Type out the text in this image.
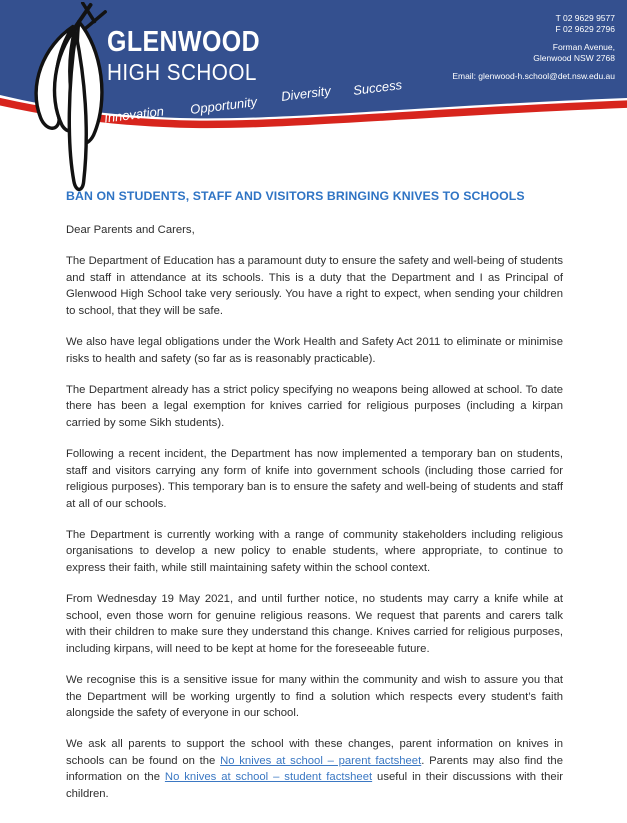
GLENWOOD
HIGH SCHOOL
T 02 9629 9577
F 02 9629 2796
Forman Avenue,
Glenwood NSW 2768
Email: glenwood-h.school@det.nsw.edu.au
Innovation Opportunity
Diversity Success
BAN ON STUDENTS, STAFF AND VISITORS BRINGING KNIVES TO SCHOOLS

Dear Parents and Carers,

The Department of Education has a paramount duty to ensure the safety and well-being of students and staff in attendance at its schools. This is a duty that the Department and I as Principal of Glenwood High School take very seriously. You have a right to expect, when sending your children to school, that they will be safe.

We also have legal obligations under the Work Health and Safety Act 2011 to eliminate or minimise risks to health and safety (so far as is reasonably practicable).

The Department already has a strict policy specifying no weapons being allowed at school. To date there has been a legal exemption for knives carried for religious purposes (including a kirpan carried by some Sikh students).

Following a recent incident, the Department has now implemented a temporary ban on students, staff and visitors carrying any form of knife into government schools (including those carried for religious purposes). This temporary ban is to ensure the safety and well-being of students and staff at all of our schools.

The Department is currently working with a range of community stakeholders including religious organisations to develop a new policy to enable students, where appropriate, to continue to express their faith, while still maintaining safety within the school context.

From Wednesday 19 May 2021, and until further notice, no students may carry a knife while at school, even those worn for genuine religious reasons. We request that parents and carers talk with their children to make sure they understand this change. Knives carried for religious purposes, including kirpans, will need to be kept at home for the foreseeable future.

We recognise this is a sensitive issue for many within the community and wish to assure you that the Department will be working urgently to find a solution which respects every student’s faith alongside the safety of everyone in our school.

We ask all parents to support the school with these changes, parent information on knives in schools can be found on the No knives at school – parent factsheet. Parents may also find the information on the No knives at school – student factsheet useful in their discussions with their children.
